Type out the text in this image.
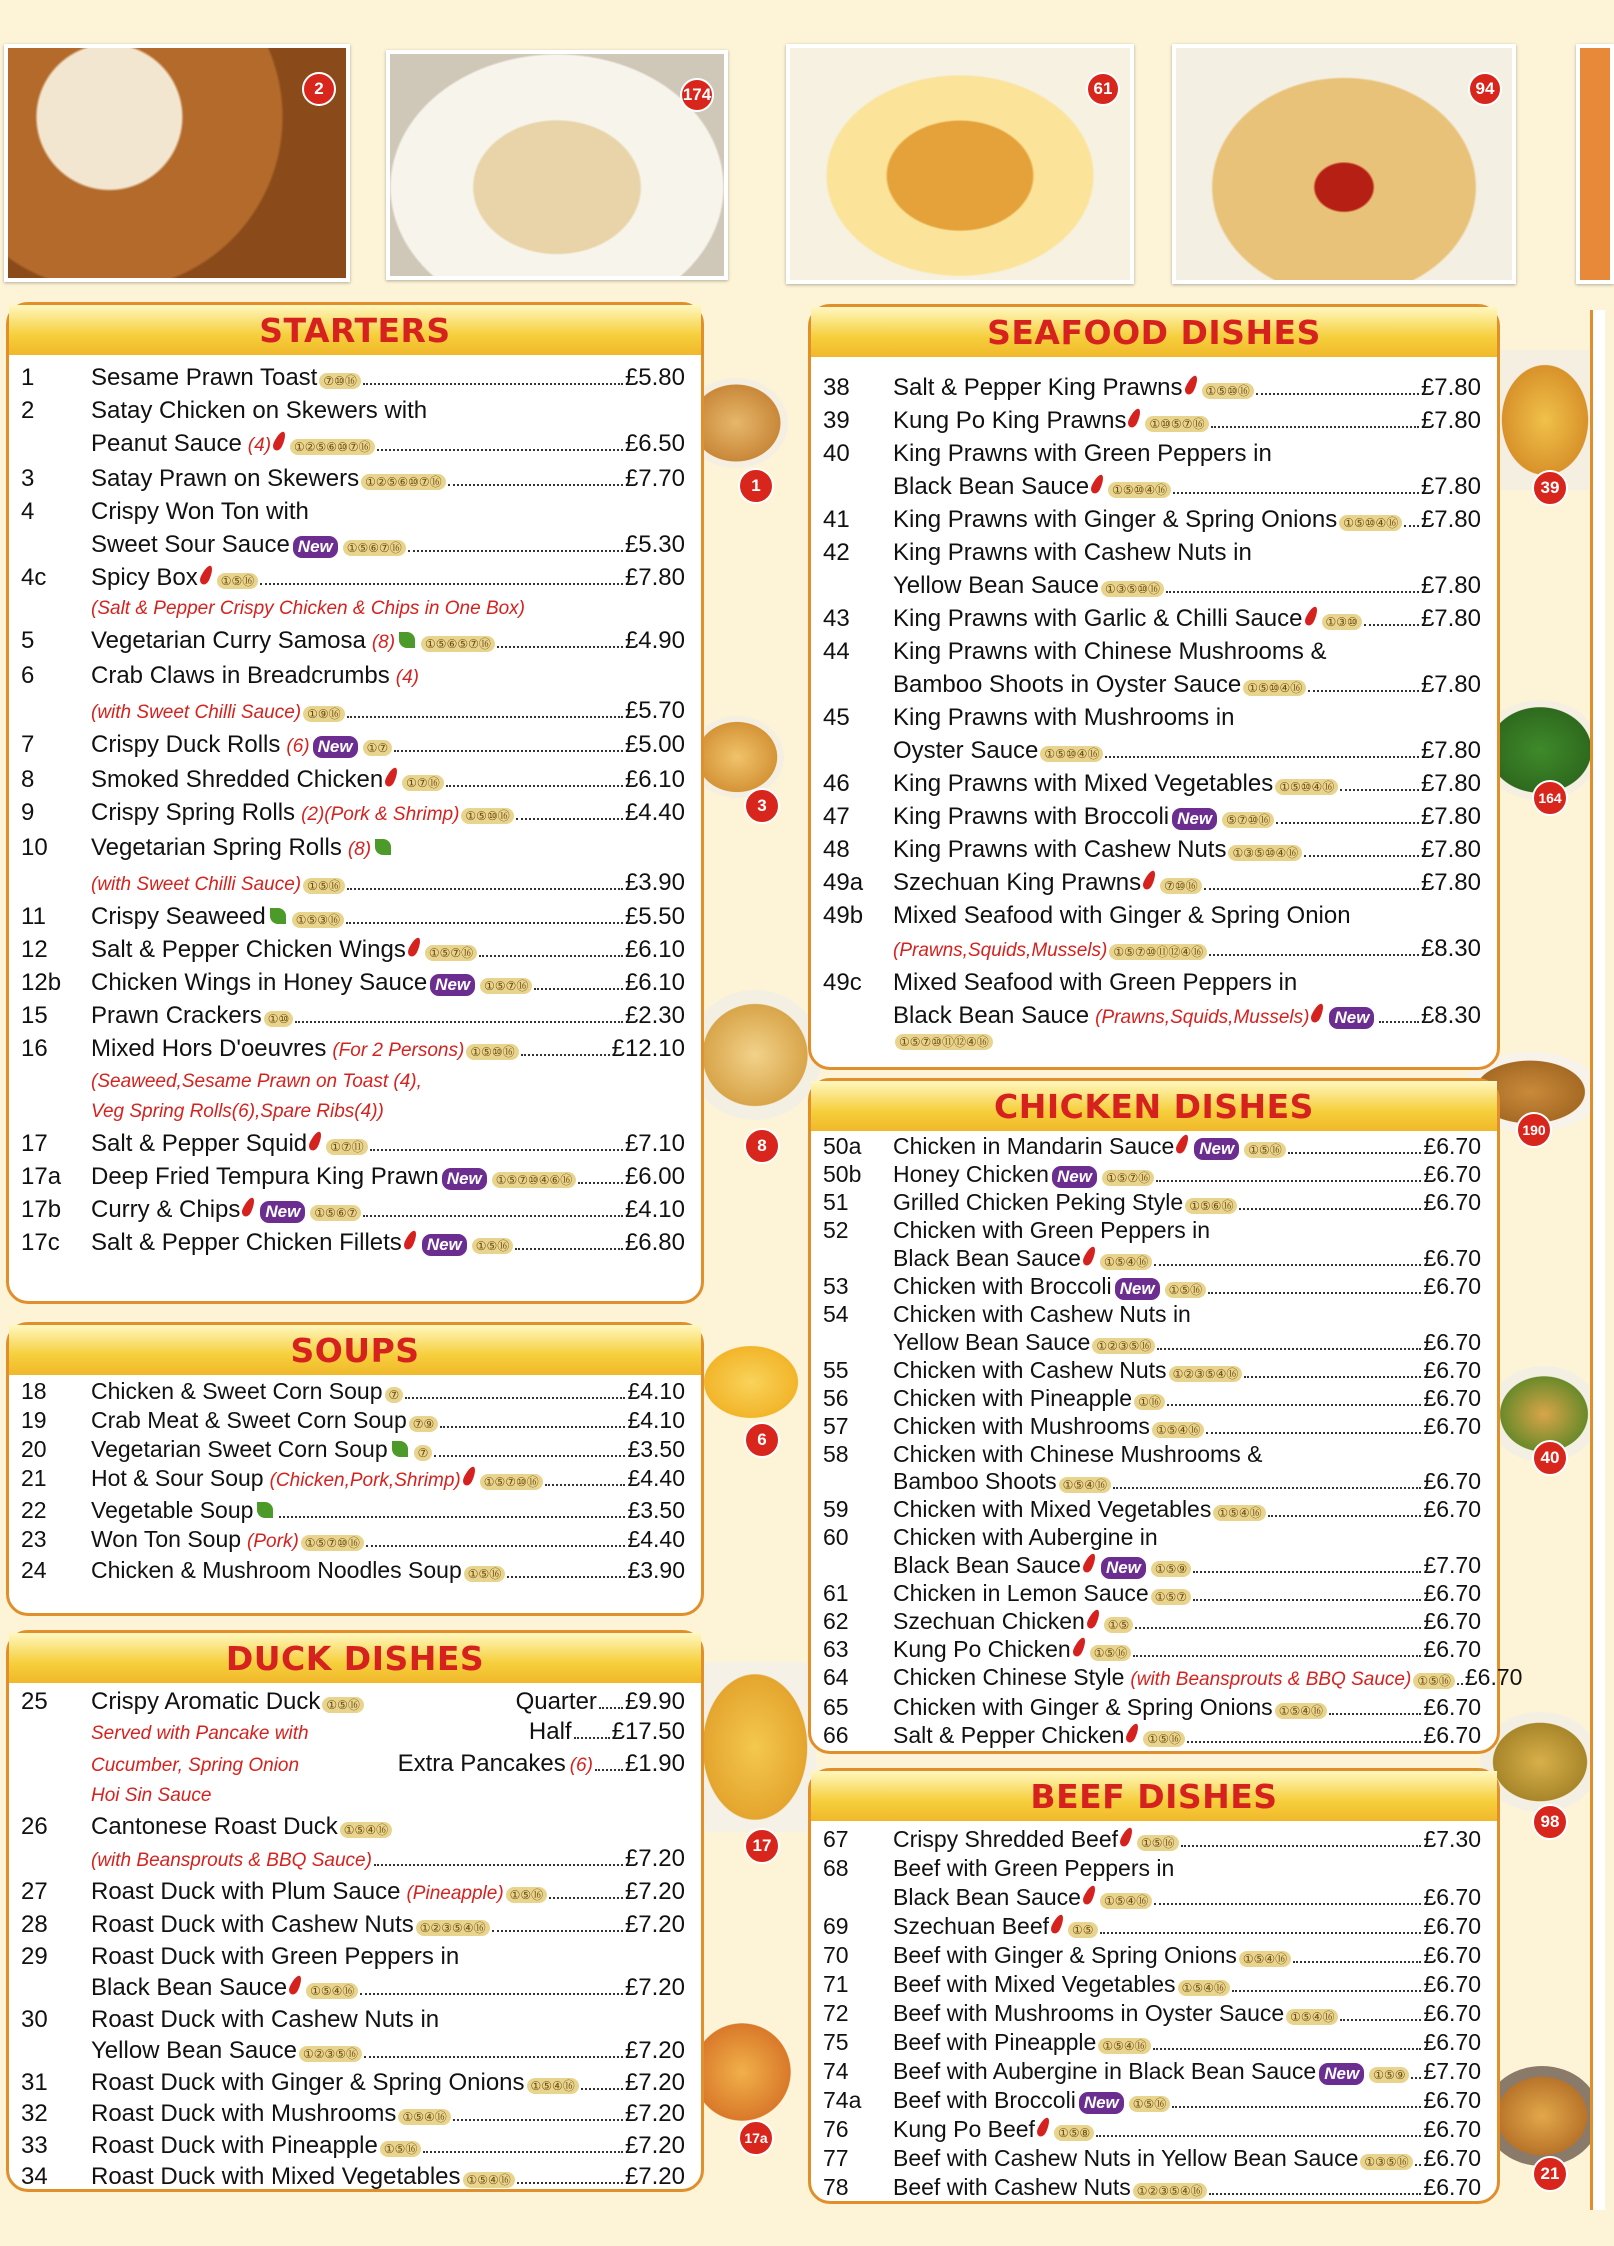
2	174	61	94
1
3
8
6
17
17a
39
164
190
40
98
21
STARTERS
1	Sesame Prawn Toast ⑦⑩⑯	£5.80
2	Satay Chicken on Skewers with
Peanut Sauce (4)	①②⑤⑥⑩⑦⑯	£6.50
3	Satay Prawn on Skewers ①②⑤⑥⑩⑦⑯	£7.70
4	Crispy Won Ton with
Sweet Sour Sauce New	①⑤⑥⑦⑯	£5.30
4c	Spicy Box	①⑤⑯	£7.80
(Salt & Pepper Crispy Chicken & Chips in One Box)
5	Vegetarian Curry Samosa (8)	①⑤⑥⑤⑦⑯	£4.90
6	Crab Claws in Breadcrumbs (4)
(with Sweet Chilli Sauce) ①⑨⑯	£5.70
7	Crispy Duck Rolls (6) New	①⑦	£5.00
8	Smoked Shredded Chicken	①⑦⑯	£6.10
9	Crispy Spring Rolls (2)(Pork & Shrimp) ①⑤⑩⑯	£4.40
10	Vegetarian Spring Rolls (8)
(with Sweet Chilli Sauce) ①⑤⑯	£3.90
11	Crispy Seaweed	①⑤③⑯	£5.50
12	Salt & Pepper Chicken Wings	①⑤⑦⑯	£6.10
12b	Chicken Wings in Honey Sauce New	①⑤⑦⑯	£6.10
15	Prawn Crackers ①⑩	£2.30
16	Mixed Hors D'oeuvres (For 2 Persons) ①⑤⑩⑯	£12.10
(Seaweed,Sesame Prawn on Toast (4),
Veg Spring Rolls(6),Spare Ribs(4))
17	Salt & Pepper Squid	①⑦⑪	£7.10
17a	Deep Fried Tempura King Prawn New	①⑤⑦⑩④⑥⑯ £6.00
17b	Curry & Chips New	①⑤⑥⑦	£4.10
17c	Salt & Pepper Chicken Fillets New	①⑤⑯	£6.80
SOUPS
18	Chicken & Sweet Corn Soup ⑦	£4.10
19	Crab Meat & Sweet Corn Soup ⑦⑨	£4.10
20	Vegetarian Sweet Corn Soup	⑦	£3.50
21	Hot & Sour Soup (Chicken,Pork,Shrimp)	①⑤⑦⑩⑯	£4.40
22	Vegetable Soup	£3.50
23	Won Ton Soup (Pork) ①⑤⑦⑩⑯	£4.40
24	Chicken & Mushroom Noodles Soup ①⑤⑯	£3.90
DUCK DISHES
25	Crispy Aromatic Duck ①⑤⑯	Quarter £9.90
Served with Pancake with	Half £17.50
Cucumber, Spring Onion	Extra Pancakes (6) £1.90
Hoi Sin Sauce
26	Cantonese Roast Duck ①⑤④⑯
(with Beansprouts & BBQ Sauce)	£7.20
27	Roast Duck with Plum Sauce (Pineapple) ①⑤⑯	£7.20
28	Roast Duck with Cashew Nuts ①②③⑤④⑯	£7.20
29	Roast Duck with Green Peppers in
Black Bean Sauce	①⑤④⑯	£7.20
30	Roast Duck with Cashew Nuts in
Yellow Bean Sauce ①②③⑤⑯	£7.20
31	Roast Duck with Ginger & Spring Onions ①⑤④⑯ £7.20
32	Roast Duck with Mushrooms ①⑤④⑯	£7.20
33	Roast Duck with Pineapple ①⑤⑯	£7.20
34	Roast Duck with Mixed Vegetables ①⑤④⑯	£7.20
SEAFOOD DISHES
38	Salt & Pepper King Prawns	①⑤⑩⑯	£7.80
39	Kung Po King Prawns	①⑩⑤⑦⑯	£7.80
40	King Prawns with Green Peppers in
Black Bean Sauce	①⑤⑩④⑯	£7.80
41	King Prawns with Ginger & Spring Onions ①⑤⑩④⑯ £7.80
42	King Prawns with Cashew Nuts in
Yellow Bean Sauce ①③⑤⑩⑯	£7.80
43	King Prawns with Garlic & Chilli Sauce	①③⑩	£7.80
44	King Prawns with Chinese Mushrooms &
Bamboo Shoots in Oyster Sauce ①⑤⑩④⑯	£7.80
45	King Prawns with Mushrooms in
Oyster Sauce ①⑤⑩④⑯	£7.80
46	King Prawns with Mixed Vegetables ①⑤⑩④⑯	£7.80
47	King Prawns with Broccoli New	⑤⑦⑩⑯	£7.80
48	King Prawns with Cashew Nuts ①③⑤⑩④⑯	£7.80
49a	Szechuan King Prawns	⑦⑩⑯	£7.80
49b	Mixed Seafood with Ginger & Spring Onion
(Prawns,Squids,Mussels) ①⑤⑦⑩⑪⑫④⑯	£8.30
49c	Mixed Seafood with Green Peppers in
Black Bean Sauce (Prawns,Squids,Mussels) New £8.30
①⑤⑦⑩⑪⑫④⑯
CHICKEN DISHES
50a	Chicken in Mandarin Sauce New	①⑤⑯	£6.70
50b	Honey Chicken New	①⑤⑦⑯	£6.70
51	Grilled Chicken Peking Style ①⑤⑥⑯	£6.70
52	Chicken with Green Peppers in
Black Bean Sauce	①⑤④⑯	£6.70
53	Chicken with Broccoli New	①⑤⑯	£6.70
54	Chicken with Cashew Nuts in
Yellow Bean Sauce ①②③⑤⑯	£6.70
55	Chicken with Cashew Nuts ①②③⑤④⑯	£6.70
56	Chicken with Pineapple ①⑯	£6.70
57	Chicken with Mushrooms ①⑤④⑯	£6.70
58	Chicken with Chinese Mushrooms &
Bamboo Shoots ①⑤④⑯	£6.70
59	Chicken with Mixed Vegetables ①⑤④⑯	£6.70
60	Chicken with Aubergine in
Black Bean Sauce New	①⑤⑨	£7.70
61	Chicken in Lemon Sauce ①⑤⑦	£6.70
62	Szechuan Chicken	①⑤	£6.70
63	Kung Po Chicken	①⑤⑯	£6.70
64	Chicken Chinese Style (with Beansprouts & BBQ Sauce) ①⑤⑯ £6.70
65	Chicken with Ginger & Spring Onions ①⑤④⑯	£6.70
66	Salt & Pepper Chicken	①⑤⑯	£6.70
BEEF DISHES
67	Crispy Shredded Beef	①⑤⑯	£7.30
68	Beef with Green Peppers in
Black Bean Sauce	①⑤④⑯	£6.70
69	Szechuan Beef	①⑤	£6.70
70	Beef with Ginger & Spring Onions ①⑤④⑯	£6.70
71	Beef with Mixed Vegetables ①⑤④⑯	£6.70
72	Beef with Mushrooms in Oyster Sauce ①⑤④⑯	£6.70
75	Beef with Pineapple ①⑤④⑯	£6.70
74	Beef with Aubergine in Black Bean Sauce New	①⑤⑨ £7.70
74a	Beef with Broccoli New	①⑤⑯	£6.70
76	Kung Po Beef	①⑤⑧	£6.70
77	Beef with Cashew Nuts in Yellow Bean Sauce ①③⑤⑯ £6.70
78	Beef with Cashew Nuts ①②③⑤④⑯	£6.70
